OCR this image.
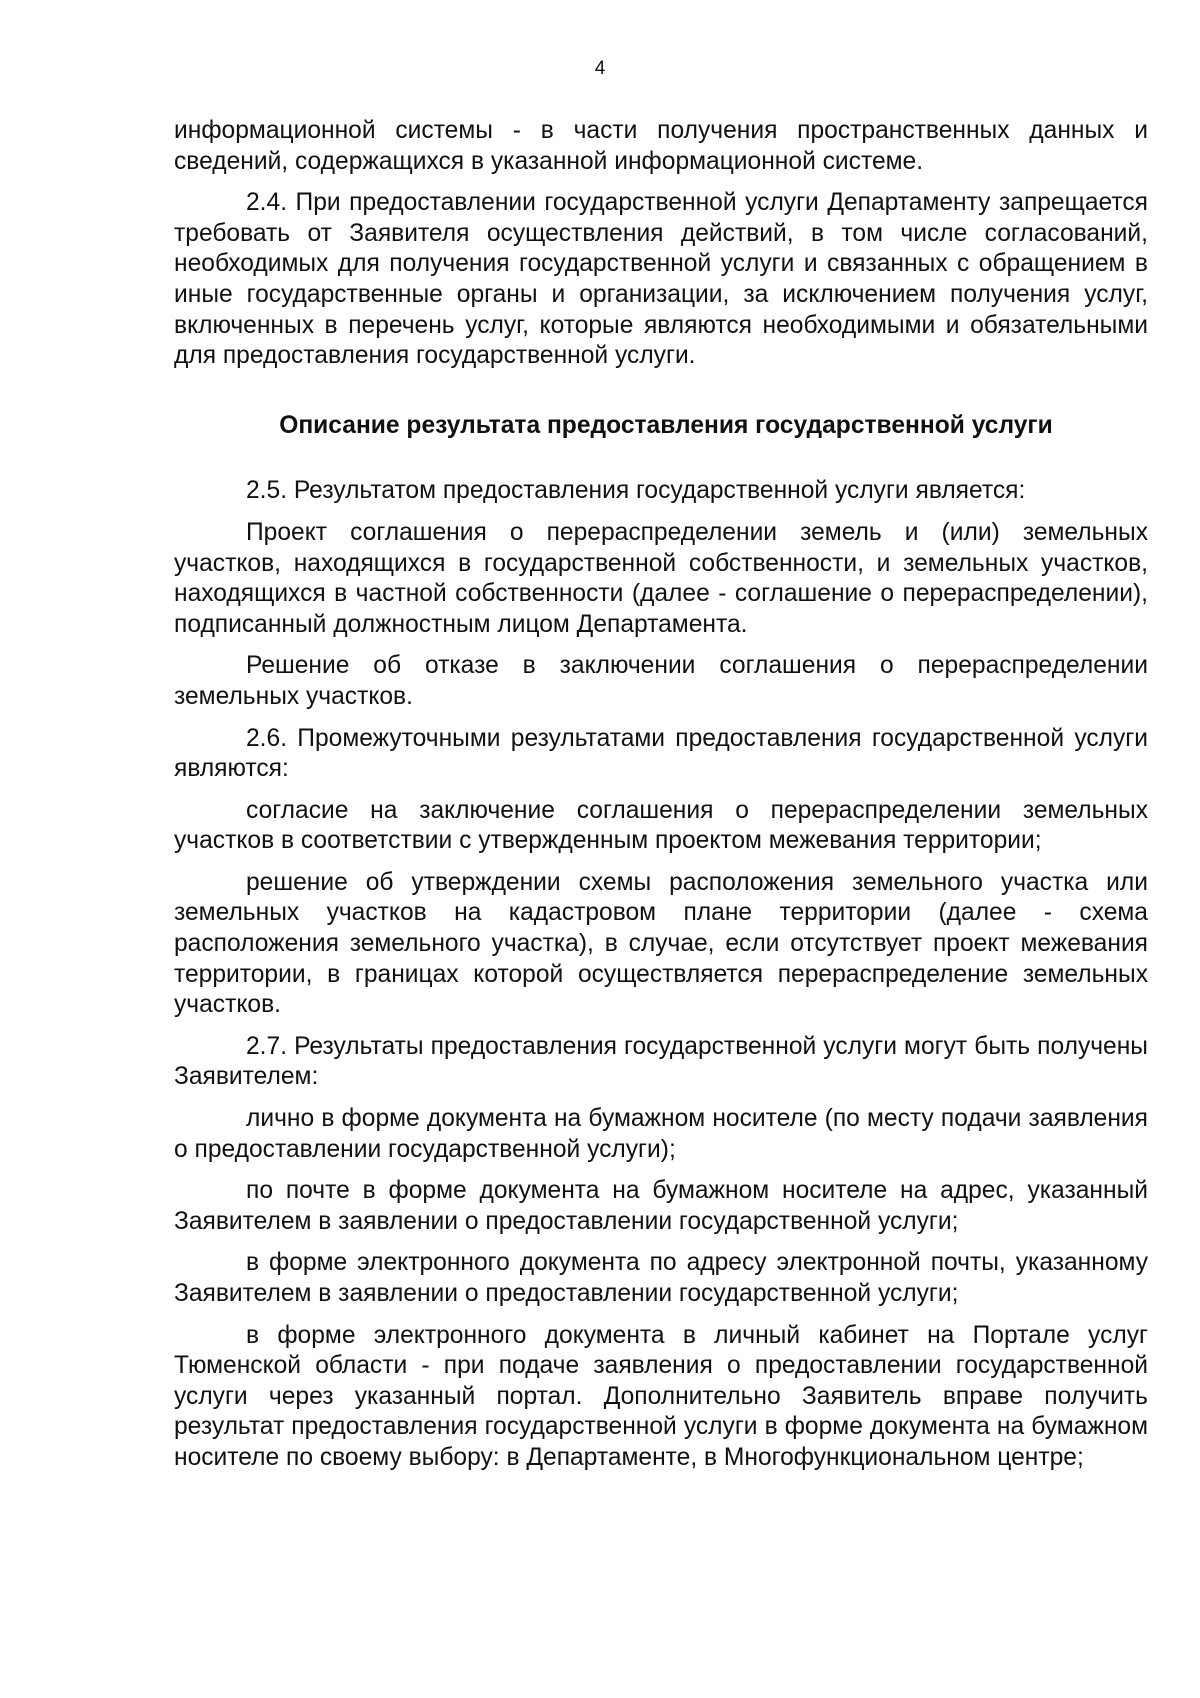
4

информационной системы - в части получения пространственных данных и сведений, содержащихся в указанной информационной системе.

2.4. При предоставлении государственной услуги Департаменту запрещается требовать от Заявителя осуществления действий, в том числе согласований, необходимых для получения государственной услуги и связанных с обращением в иные государственные органы и организации, за исключением получения услуг, включенных в перечень услуг, которые являются необходимыми и обязательными для предоставления государственной услуги.

Описание результата предоставления государственной услуги

2.5. Результатом предоставления государственной услуги является:

Проект соглашения о перераспределении земель и (или) земельных участков, находящихся в государственной собственности, и земельных участков, находящихся в частной собственности (далее - соглашение о перераспределении), подписанный должностным лицом Департамента.

Решение об отказе в заключении соглашения о перераспределении земельных участков.

2.6. Промежуточными результатами предоставления государственной услуги являются:

согласие на заключение соглашения о перераспределении земельных участков в соответствии с утвержденным проектом межевания территории;

решение об утверждении схемы расположения земельного участка или земельных участков на кадастровом плане территории (далее - схема расположения земельного участка), в случае, если отсутствует проект межевания территории, в границах которой осуществляется перераспределение земельных участков.

2.7. Результаты предоставления государственной услуги могут быть получены Заявителем:

лично в форме документа на бумажном носителе (по месту подачи заявления о предоставлении государственной услуги);

по почте в форме документа на бумажном носителе на адрес, указанный Заявителем в заявлении о предоставлении государственной услуги;

в форме электронного документа по адресу электронной почты, указанному Заявителем в заявлении о предоставлении государственной услуги;

в форме электронного документа в личный кабинет на Портале услуг Тюменской области - при подаче заявления о предоставлении государственной услуги через указанный портал. Дополнительно Заявитель вправе получить результат предоставления государственной услуги в форме документа на бумажном носителе по своему выбору: в Департаменте, в Многофункциональном центре;
